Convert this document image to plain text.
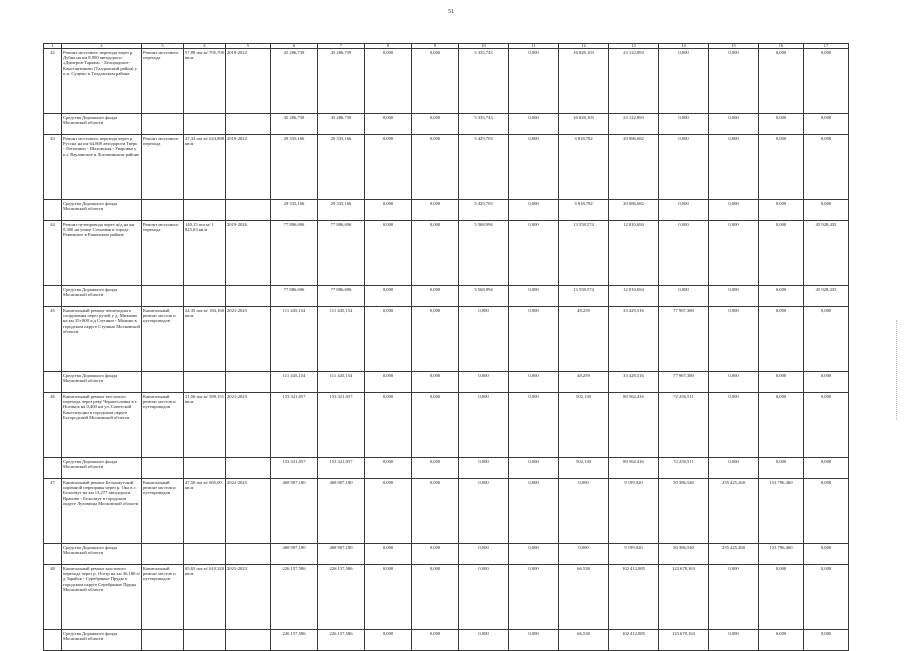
51
1	2	3	4	5	6	7	8	9	10	11	12	13	14	15	16	17
42	Ремонт мостового перехода через р. Дубна на км 8,900 автодороги «Дмитров-Тараам» - Белорадское - Константиново (Талдомский район) у п.п. Сущево в Талдомском районе	Ремонт мостового перехода	57,88 пог.м/ 705,700 кв.м	2019-2022	45 286,739	45 286,739	0,000	0,000	5 335,743	0,000	16 828,103	23 122,893	0,000	0,000	0,000	0,000
	Средства Дорожного фонда Московской области				45 286,739	45 286,739	0,000	0,000	5 335,743	0,000	16 828,103	23 122,893	0,000	0,000	0,000	0,000
43	Ремонт мостового перехода через р. Руссна на км 64,800 автодороги Тверь - Лотошино - Шаховская - Уваровка у п.г. Ваулинское в Лотошинском районе	Ремонт мостового перехода	47,34 пог.м/ 624,888 кв.м	2019-2022	29 335,166	29 335,166	0,000	0,000	5 429,703	0,000	3 818,782	20 086,682	0,000	0,000	0,000	0,000
	Средства Дорожного фонда Московской области				29 335,166	29 335,166	0,000	0,000	5 429,703	0,000	3 818,782	20 086,682	0,000	0,000	0,000	0,000
44	Ремонт путепровода через ж/д на км 0,300 на улице Сосновая в городе Раменское в Раменском районе	Ремонт мостового перехода	140,15 пог.м/ 1 825,63 кв.м	2019-2026	77 886,696	77 886,696	0,000	0,000	5 568,994	0,000	13 558,574	12 810,694	0,000	0,000	0,000	45 928,435
	Средства Дорожного фонда Московской области				77 886,696	77 886,696	0,000	0,000	5 568,994	0,000	13 558,574	12 810,694	0,000	0,000	0,000	45 928,433
45	Капитальный ремонт пешеходного сооружения через ручей у д. Михнево на км 35+800 а/д Ступино - Малино в городском округе Ступино Московской области	Капитальный ремонт мостов и путепроводов	24,35 пог.м/ 184,160 кв.м	2021-2023	111 445,154	111 445,154	0,000	0,000	0,000	0,000	48,259	33 429,516	77 967,380	0,000	0,000	0,000
	Средства Дорожного фонда Московской области				111 445,154	111 445,154	0,000	0,000	0,000	0,000	48,259	33 429,516	77 967,380	0,000	0,000	0,000
46	Капитальный ремонт мостового перехода через реку Черноголовка в г. Ногинск на 0,400 км ул. Советской Конституции в городском округе Богородский Московской области	Капитальный ремонт мостов и путепроводов	21,56 пог.м/ 398,151 кв.м	2021-2023	153 321,057	153 321,057	0,000	0,000	0,000	0,000	502,130	80 562,416	72 256,511	0,000	0,000	0,000
	Средства Дорожного фонда Московской области				153 321,057	153 321,057	0,000	0,000	0,000	0,000	502,130	80 562,416	72 256,511	0,000	0,000	0,000
47	Капитальный ремонт Белоомутской паромной переправы через р. Ока в с. Белоомут на км 13,277 автодороги Врачово - Белоомут в городском округе Луховицы Московской области	Капитальный ремонт мостов и путепроводов	47,50 пог.м/ 665,00 кв.м	2022-2025	468 907,180	468 907,180	0,000	0,000	0,000	0,000	0,000	9 199,920	50 386,540	255 425,260	153 796,460	0,000
	Средства Дорожного фонда Московской области				468 907,180	468 907,180	0,000	0,000	0,000	0,000	0,000	9 199,920	50 386,540	255 425,260	153 796,460	0,000
48	Капитальный ремонт мостового перехода через р. Осетр на км 36,186 а/д Зарайск - Серебряные Пруды в городском округе Серебряные Пруды Московской области	Капитальный ремонт мостов и путепроводов	65,65 пог.м/ 610,320 кв.м	2021-2023	226 157,586	226 157,586	0,000	0,000	0,000	0,000	66,538	102 412,885	123 678,163	0,000	0,000	0,000
	Средства Дорожного фонда Московской области				226 157,586	226 157,586	0,000	0,000	0,000	0,000	66,538	102 412,885	123 678,163	0,000	0,000	0,000
